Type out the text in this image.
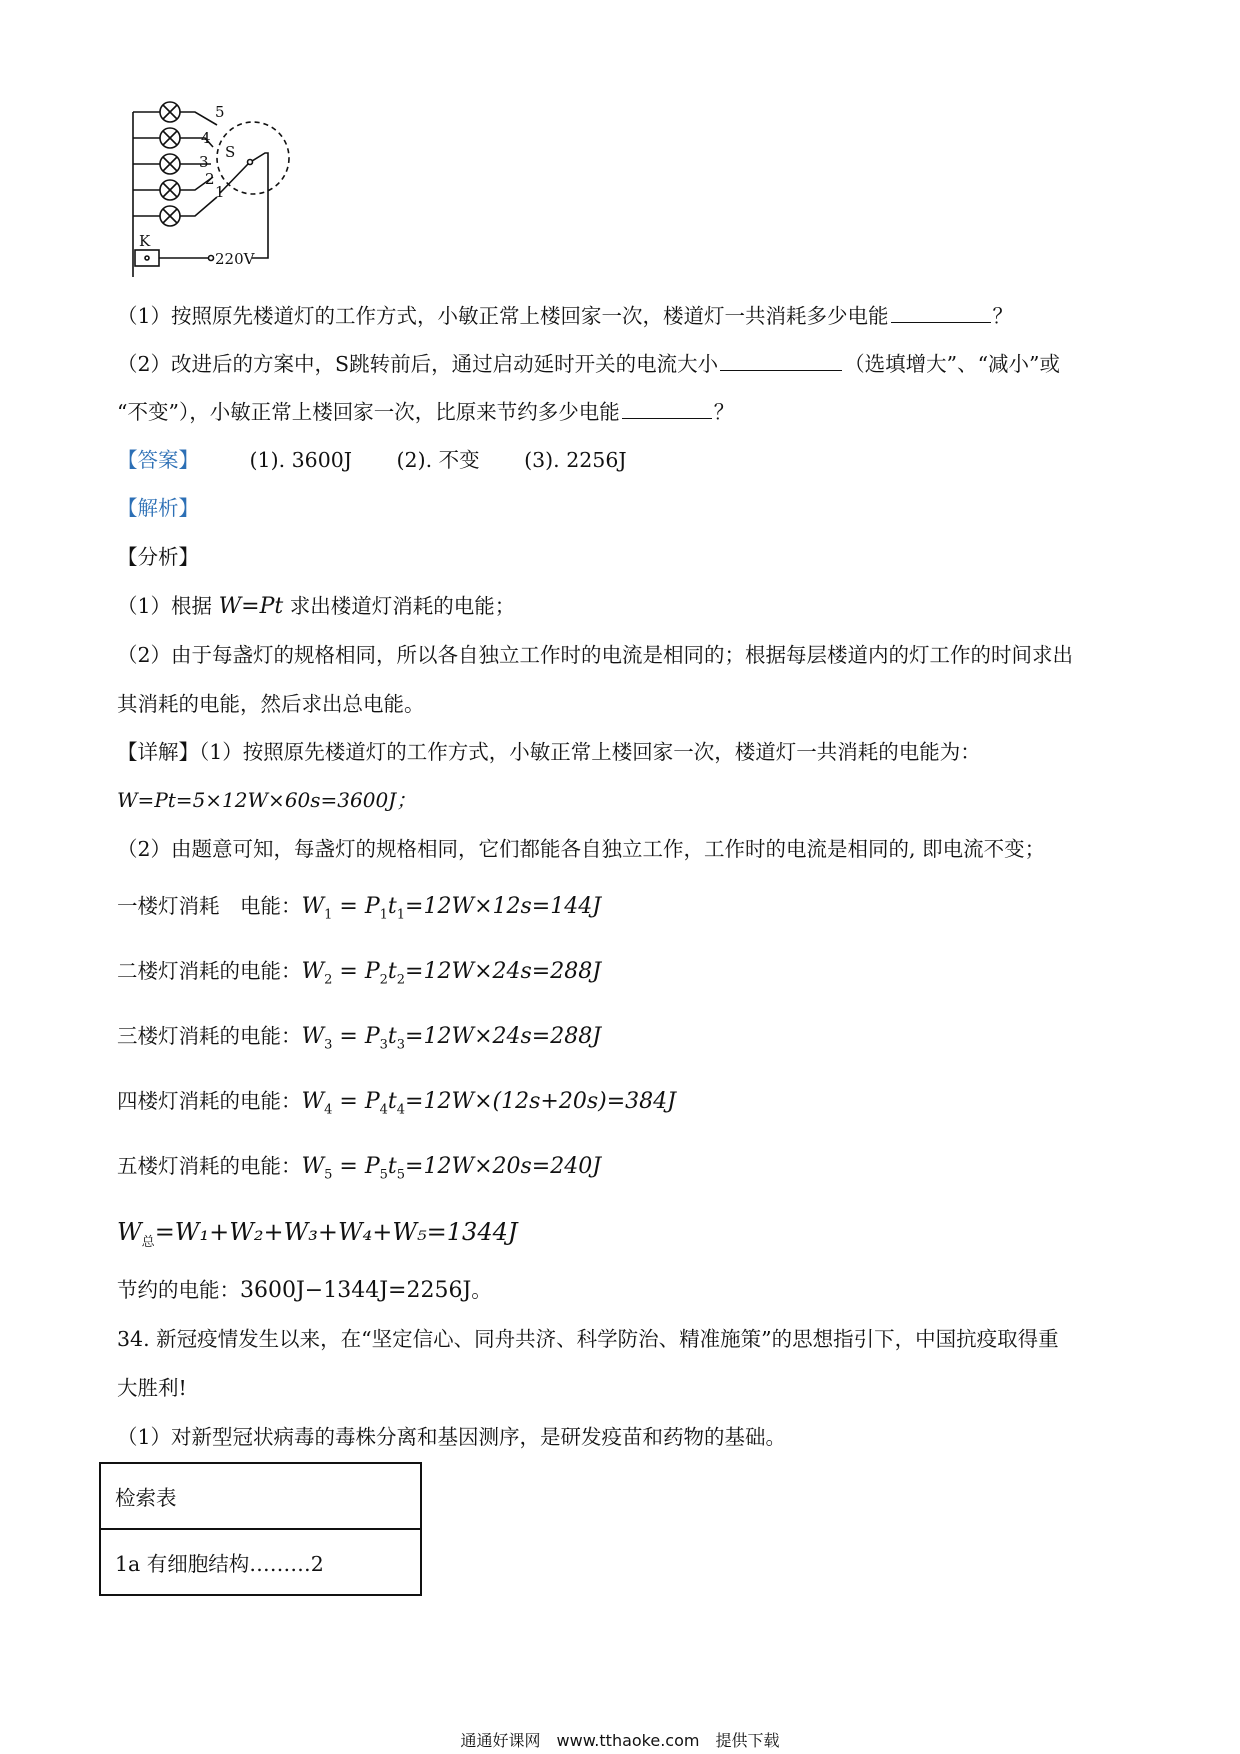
5
4
3
2
1
S
K
220V
（1）按照原先楼道灯的工作方式，小敏正常上楼回家一次，楼道灯一共消耗多少电能	？
（2）改进后的方案中，S跳转前后，通过启动延时开关的电流大小	（选填增大”、“减小”或
“不变”），小敏正常上楼回家一次，比原来节约多少电能	？
【答案】 (1). 3600J (2). 不变 (3). 2256J
【解析】
【分析】
（1）根据 W=Pt 求出楼道灯消耗的电能；
（2）由于每盏灯的规格相同，所以各自独立工作时的电流是相同的；根据每层楼道内的灯工作的时间求出
其消耗的电能，然后求出总电能。
【详解】（1）按照原先楼道灯的工作方式，小敏正常上楼回家一次，楼道灯一共消耗的电能为：
W=Pt=5×12W×60s=3600J；
（2）由题意可知，每盏灯的规格相同，它们都能各自独立工作，工作时的电流是相同的, 即电流不变；
一楼灯消耗　电能：$W_1 = P_1t_1=12W\times 12s=144J$
二楼灯消耗的电能：$W_2 = P_2t_2=12W\times 24s=288J$
三楼灯消耗的电能：$W_3 = P_3t_3=12W\times 24s=288J$
四楼灯消耗的电能：$W_4 = P_4t_4=12W\times(12s+20s)=384J$
五楼灯消耗的电能：$W_5 = P_5t_5=12W\times 20s=240J$
$W_总=W_1+W_2+W_3+W_4+W_5=1344J$
节约的电能：3600J−1344J=2256J。
34. 新冠疫情发生以来，在“坚定信心、同舟共济、科学防治、精准施策”的思想指引下，中国抗疫取得重
大胜利!
（1）对新型冠状病毒的毒株分离和基因测序，是研发疫苗和药物的基础。
检索表
1a 有细胞结构………2
通通好课网　www.tthaoke.com　提供下载
